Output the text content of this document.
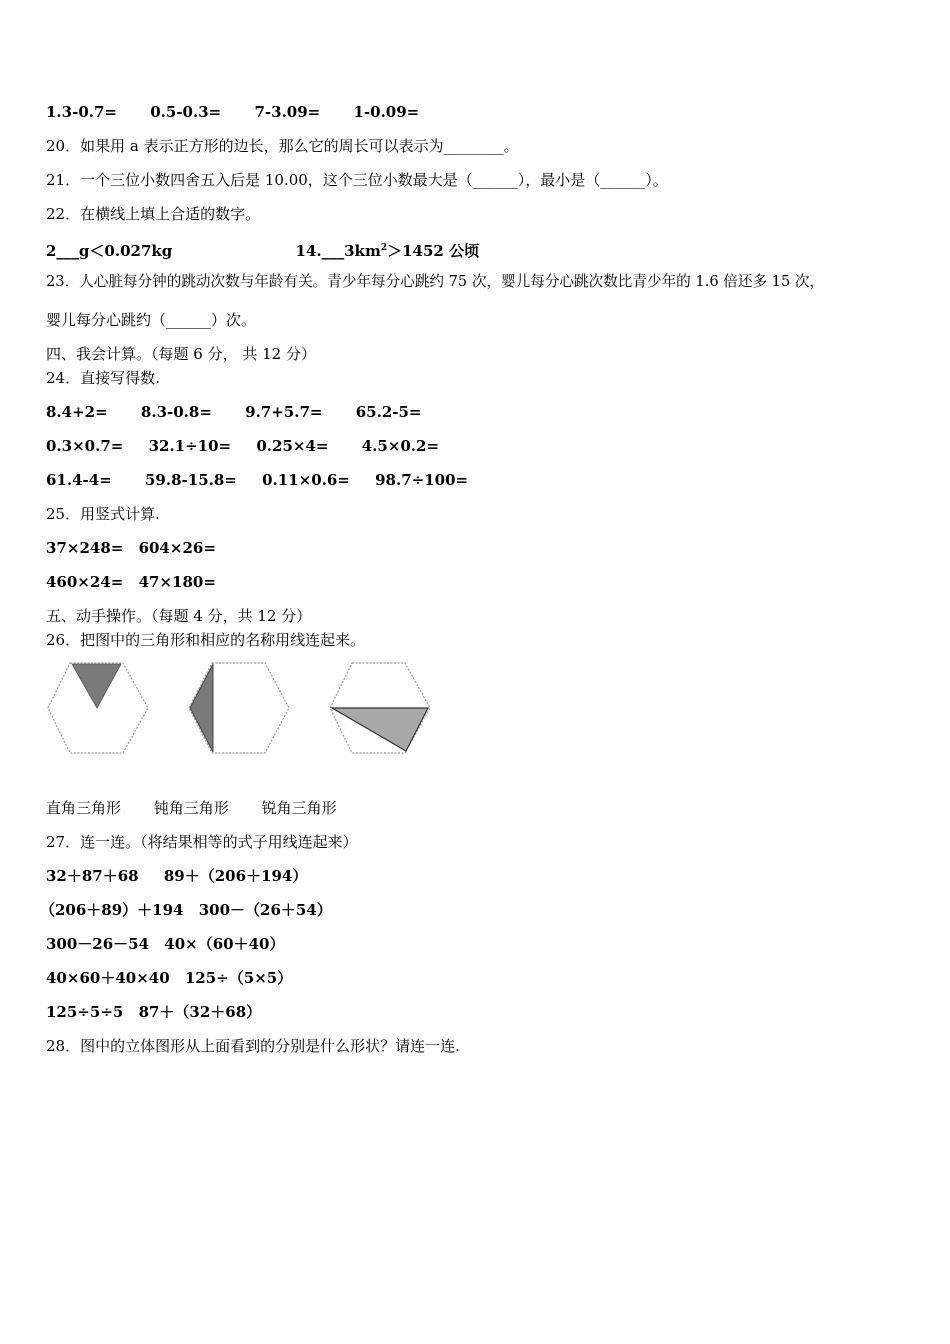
1.3-0.7= 0.5-0.3= 7-3.09= 1-0.09=
20．如果用 a 表示正方形的边长，那么它的周长可以表示为________。
21．一个三位小数四舍五入后是 10.00，这个三位小数最大是（______），最小是（______）。
22．在横线上填上合适的数字。
2___g＜0.027kg	$14.\_\_\_3km^2>1452$ 公顷
23．人心脏每分钟的跳动次数与年龄有关。青少年每分心跳约 75 次，婴儿每分心跳次数比青少年的 1.6 倍还多 15 次，
婴儿每分心跳约（______）次。
四、我会计算。（每题 6 分， 共 12 分）
24．直接写得数.
8.4+2= 8.3-0.8= 9.7+5.7= 65.2-5=
0.3×0.7= 32.1÷10= 0.25×4= 4.5×0.2=
61.4-4= 59.8-15.8= 0.11×0.6= 98.7÷100=
25．用竖式计算.
37×248= 604×26=
460×24= 47×180=
五、动手操作。（每题 4 分，共 12 分）
26．把图中的三角形和相应的名称用线连起来。
直角三角形 钝角三角形 锐角三角形
27．连一连。（将结果相等的式子用线连起来）
32＋87＋68 89＋（206＋194）
（206＋89）＋194 300－（26＋54）
300－26－54 40×（60＋40）
40×60＋40×40 125÷（5×5）
125÷5÷5 87＋（32＋68）
28．图中的立体图形从上面看到的分别是什么形状？请连一连.
